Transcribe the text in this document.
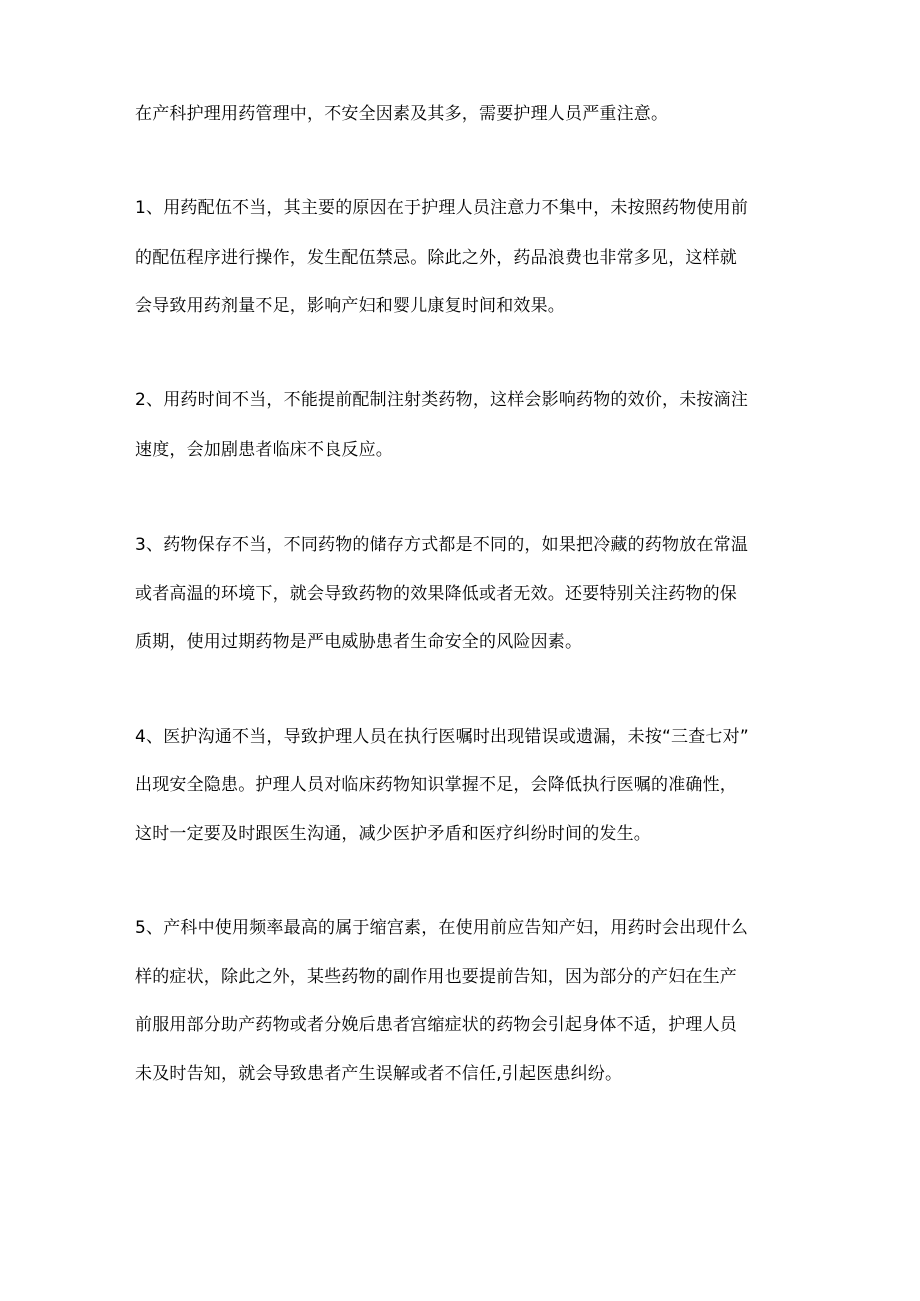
在产科护理用药管理中，不安全因素及其多，需要护理人员严重注意。
1、用药配伍不当，其主要的原因在于护理人员注意力不集中，未按照药物使用前
的配伍程序进行操作，发生配伍禁忌。除此之外，药品浪费也非常多见，这样就
会导致用药剂量不足，影响产妇和婴儿康复时间和效果。
2、用药时间不当，不能提前配制注射类药物，这样会影响药物的效价，未按滴注
速度，会加剧患者临床不良反应。
3、药物保存不当，不同药物的储存方式都是不同的，如果把冷藏的药物放在常温
或者高温的环境下，就会导致药物的效果降低或者无效。还要特别关注药物的保
质期，使用过期药物是严电威胁患者生命安全的风险因素。
4、医护沟通不当，导致护理人员在执行医嘱时出现错误或遗漏，未按“三查七对”
出现安全隐患。护理人员对临床药物知识掌握不足，会降低执行医嘱的准确性，
这时一定要及时跟医生沟通，减少医护矛盾和医疗纠纷时间的发生。
5、产科中使用频率最高的属于缩宫素，在使用前应告知产妇，用药时会出现什么
样的症状，除此之外，某些药物的副作用也要提前告知，因为部分的产妇在生产
前服用部分助产药物或者分娩后患者宫缩症状的药物会引起身体不适，护理人员
未及时告知，就会导致患者产生误解或者不信任,引起医患纠纷。
